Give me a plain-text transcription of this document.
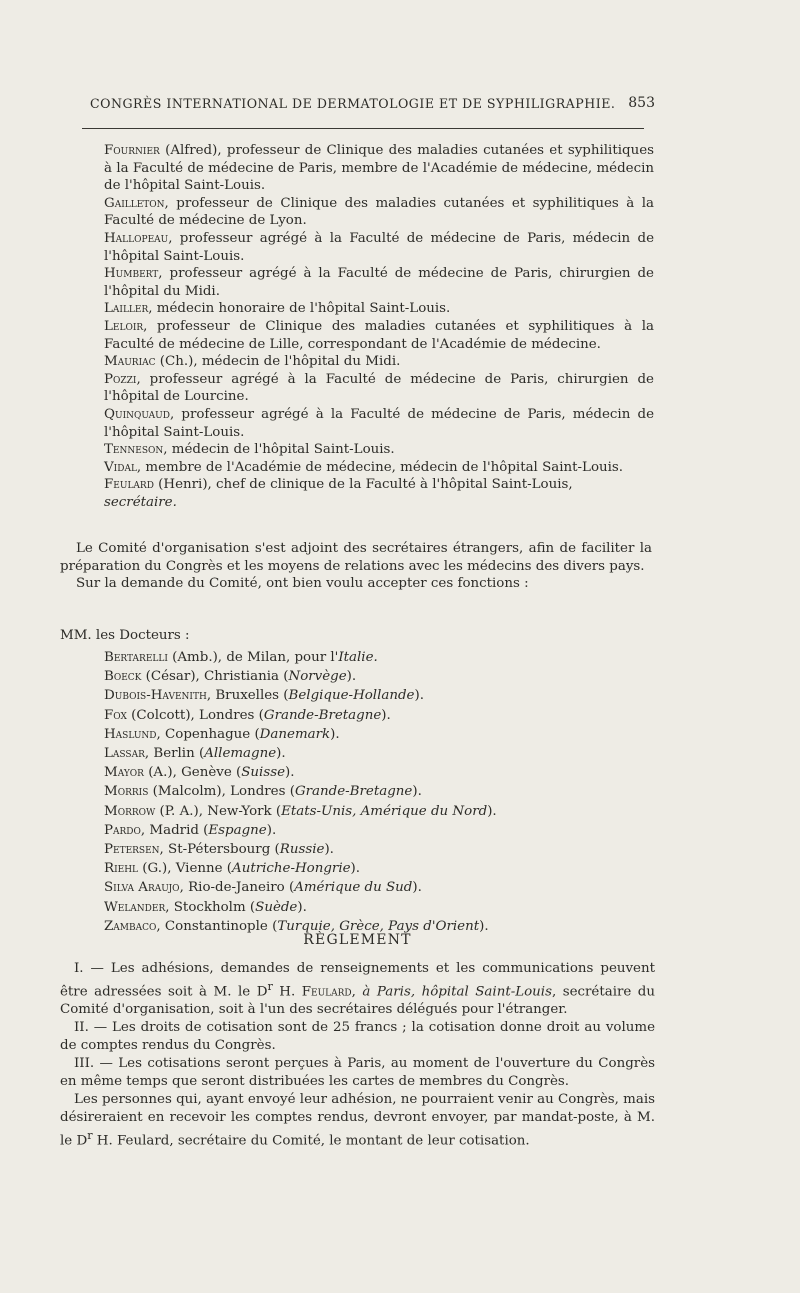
CONGRÈS INTERNATIONAL DE DERMATOLOGIE ET DE SYPHILIGRAPHIE. 853

Fournier (Alfred), professeur de Clinique des maladies cutanées et syphilitiques à la Faculté de médecine de Paris, membre de l'Académie de médecine, médecin de l'hôpital Saint-Louis.

Gailleton, professeur de Clinique des maladies cutanées et syphilitiques à la Faculté de médecine de Lyon.

Hallopeau, professeur agrégé à la Faculté de médecine de Paris, médecin de l'hôpital Saint-Louis.

Humbert, professeur agrégé à la Faculté de médecine de Paris, chirurgien de l'hôpital du Midi.

Lailler, médecin honoraire de l'hôpital Saint-Louis.

Leloir, professeur de Clinique des maladies cutanées et syphilitiques à la Faculté de médecine de Lille, correspondant de l'Académie de médecine.

Mauriac (Ch.), médecin de l'hôpital du Midi.

Pozzi, professeur agrégé à la Faculté de médecine de Paris, chirurgien de l'hôpital de Lourcine.

Quinquaud, professeur agrégé à la Faculté de médecine de Paris, médecin de l'hôpital Saint-Louis.

Tenneson, médecin de l'hôpital Saint-Louis.

Vidal, membre de l'Académie de médecine, médecin de l'hôpital Saint-Louis.

Feulard (Henri), chef de clinique de la Faculté à l'hôpital Saint-Louis,
secrétaire.

Le Comité d'organisation s'est adjoint des secrétaires étrangers, afin de faciliter la préparation du Congrès et les moyens de relations avec les médecins des divers pays.

Sur la demande du Comité, ont bien voulu accepter ces fonctions :

MM. les Docteurs :
Bertarelli (Amb.), de Milan, pour l'Italie.
Boeck (César), Christiania (Norvège).
Dubois-Havenith, Bruxelles (Belgique-Hollande).
Fox (Colcott), Londres (Grande-Bretagne).
Haslund, Copenhague (Danemark).
Lassar, Berlin (Allemagne).
Mayor (A.), Genève (Suisse).
Morris (Malcolm), Londres (Grande-Bretagne).
Morrow (P. A.), New-York (Etats-Unis, Amérique du Nord).
Pardo, Madrid (Espagne).
Petersen, St-Pétersbourg (Russie).
Riehl (G.), Vienne (Autriche-Hongrie).
Silva Araujo, Rio-de-Janeiro (Amérique du Sud).
Welander, Stockholm (Suède).
Zambaco, Constantinople (Turquie, Grèce, Pays d'Orient).
RÈGLEMENT

I. — Les adhésions, demandes de renseignements et les communications peuvent être adressées soit à M. le $D^r$ H. Feulard, à Paris, hôpital Saint-Louis, secrétaire du Comité d'organisation, soit à l'un des secrétaires délégués pour l'étranger.

II. — Les droits de cotisation sont de 25 francs ; la cotisation donne droit au volume de comptes rendus du Congrès.

III. — Les cotisations seront perçues à Paris, au moment de l'ouverture du Congrès en même temps que seront distribuées les cartes de membres du Congrès.

Les personnes qui, ayant envoyé leur adhésion, ne pourraient venir au Congrès, mais désireraient en recevoir les comptes rendus, devront envoyer, par mandat-poste, à M. le $D^r$ H. Feulard, secrétaire du Comité, le montant de leur cotisation.
